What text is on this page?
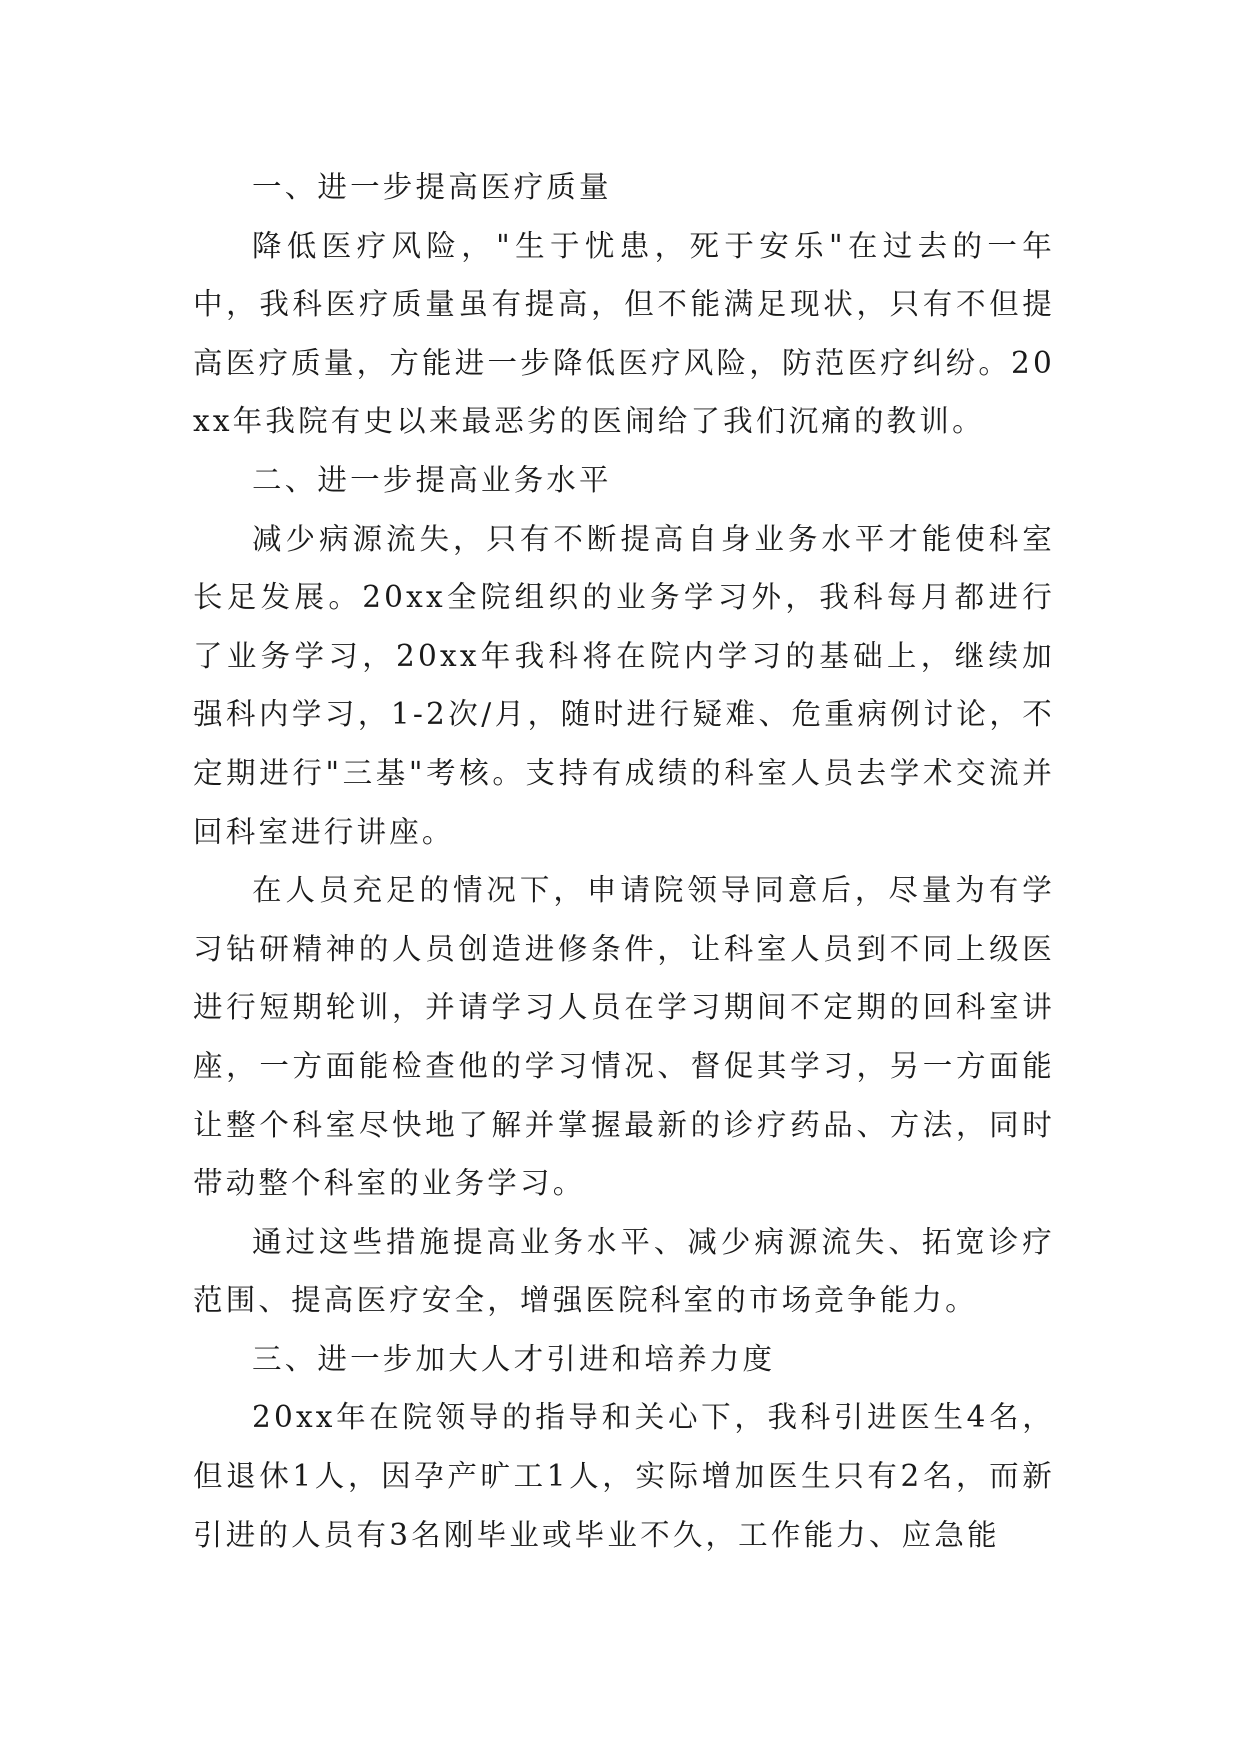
一、进一步提高医疗质量

降低医疗风险，"生于忧患，死于安乐"在过去的一年中，我科医疗质量虽有提高，但不能满足现状，只有不但提高医疗质量，方能进一步降低医疗风险，防范医疗纠纷。20xx年我院有史以来最恶劣的医闹给了我们沉痛的教训。

二、进一步提高业务水平

减少病源流失，只有不断提高自身业务水平才能使科室长足发展。20xx全院组织的业务学习外，我科每月都进行了业务学习，20xx年我科将在院内学习的基础上，继续加强科内学习，1-2次/月，随时进行疑难、危重病例讨论，不定期进行"三基"考核。支持有成绩的科室人员去学术交流并回科室进行讲座。

在人员充足的情况下，申请院领导同意后，尽量为有学习钻研精神的人员创造进修条件，让科室人员到不同上级医进行短期轮训，并请学习人员在学习期间不定期的回科室讲座，一方面能检查他的学习情况、督促其学习，另一方面能让整个科室尽快地了解并掌握最新的诊疗药品、方法，同时带动整个科室的业务学习。

通过这些措施提高业务水平、减少病源流失、拓宽诊疗范围、提高医疗安全，增强医院科室的市场竞争能力。

三、进一步加大人才引进和培养力度

20xx年在院领导的指导和关心下，我科引进医生4名，但退休1人，因孕产旷工1人，实际增加医生只有2名，而新引进的人员有3名刚毕业或毕业不久，工作能力、应急能
